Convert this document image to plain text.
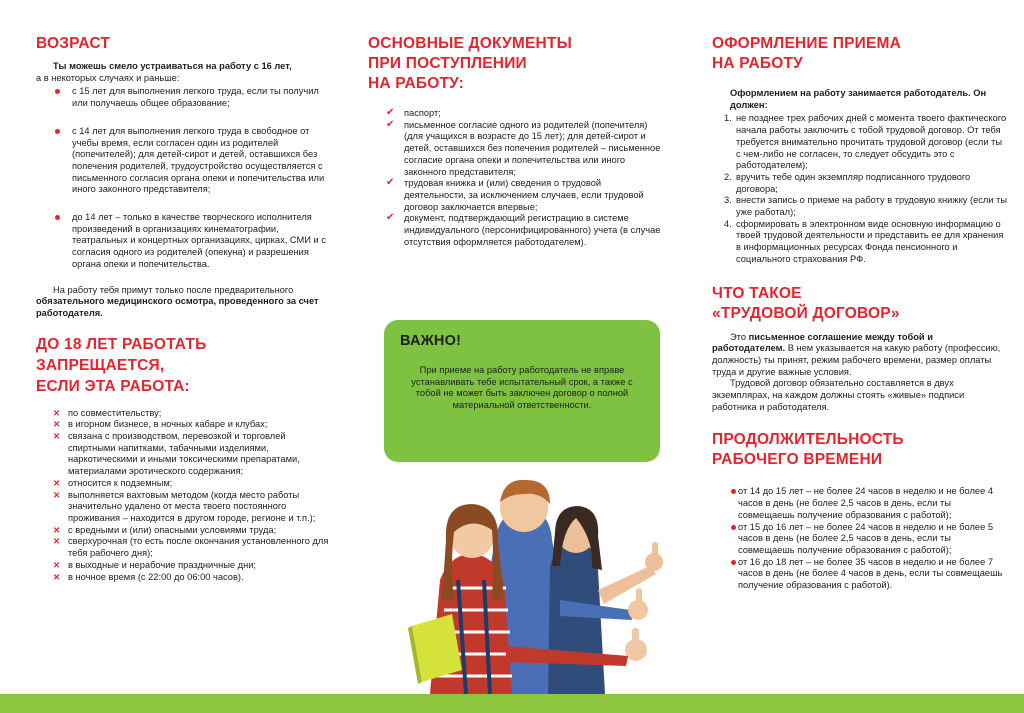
ВОЗРАСТ

Ты можешь смело устраиваться на работу с 16 лет,

а в некоторых случаях и раньше:

с 15 лет для выполнения легкого труда, если ты получил или получаешь общее образование;
с 14 лет для выполнения легкого труда в свободное от учебы время, если согласен один из родителей (попечителей); для детей-сирот и детей, оставшихся без попечения родителей, трудоустройство осуществляется с письменного согласия органа опеки и попечительства или иного законного представителя;
до 14 лет – только в качестве творческого исполнителя произведений в организациях кинематографии, театральных и концертных организациях, цирках, СМИ и с согласия одного из родителей (опекуна) и разрешения органа опеки и попечительства.

На работу тебя примут только после предварительного обязательного медицинского осмотра, проведенного за счет работодателя.

ДО 18 ЛЕТ РАБОТАТЬ
ЗАПРЕЩАЕТСЯ,
ЕСЛИ ЭТА РАБОТА:
✕ по совместительству;
✕ в игорном бизнесе, в ночных кабаре и клубах;
✕ связана с производством, перевозкой и торговлей спиртными напитками, табачными изделиями, наркотическими и иными токсическими препаратами, материалами эротического содержания;
✕ относится к подземным;
✕ выполняется вахтовым методом (когда место работы значительно удалено от места твоего постоянного проживания – находится в другом городе, регионе и т.п.);
✕ с вредными и (или) опасными условиями труда;
✕ сверхурочная (то есть после окончания установленного для тебя рабочего дня);
✕ в выходные и нерабочие праздничные дни;
✕ в ночное время (с 22:00 до 06:00 часов).
ОСНОВНЫЕ ДОКУМЕНТЫ
ПРИ ПОСТУПЛЕНИИ
НА РАБОТУ:
✔ паспорт;
✔ письменное согласие одного из родителей (попечителя) (для учащихся в возрасте до 15 лет); для детей-сирот и детей, оставшихся без попечения родителей – письменное согласие органа опеки и попечительства или иного законного представителя;
✔ трудовая книжка и (или) сведения о трудовой деятельности, за исключением случаев, если трудовой договор заключается впервые;
✔ документ, подтверждающий регистрацию в системе индивидуального (персонифицированного) учета (в случае отсутствия оформляется работодателем).
ВАЖНО!

При приеме на работу работодатель не вправе устанавливать тебе испытательный срок, а также с тобой не может быть заключен договор о полной материальной ответственности.

ОФОРМЛЕНИЕ ПРИЕМА
НА РАБОТУ

Оформлением на работу занимается работодатель. Он должен:

1. не позднее трех рабочих дней с момента твоего фактического начала работы заключить с тобой трудовой договор. От тебя требуется внимательно прочитать трудовой договор (если ты с чем-либо не согласен, то следует обсудить это с работодателем);
2. вручить тебе один экземпляр подписанного трудового договора;
3. внести запись о приеме на работу в трудовую книжку (если ты уже работал);
4. сформировать в электронном виде основную информацию о твоей трудовой деятельности и представить ее для хранения в информационных ресурсах Фонда пенсионного и социального страхования РФ.
ЧТО ТАКОЕ
«ТРУДОВОЙ ДОГОВОР»

Это письменное соглашение между тобой и работодателем. В нем указывается на какую работу (профессию, должность) ты принят, режим рабочего времени, размер оплаты труда и другие важные условия.

Трудовой договор обязательно составляется в двух экземплярах, на каждом должны стоять «живые» подписи работника и работодателя.

ПРОДОЛЖИТЕЛЬНОСТЬ
РАБОЧЕГО ВРЕМЕНИ
от 14 до 15 лет – не более 24 часов в неделю и не более 4 часов в день (не более 2,5 часов в день, если ты совмещаешь получение образования с работой);
от 15 до 16 лет – не более 24 часов в неделю и не более 5 часов в день (не более 2,5 часов в день, если ты совмещаешь получение образования с работой);
от 16 до 18 лет – не более 35 часов в неделю и не более 7 часов в день (не более 4 часов в день, если ты совмещаешь получение образования с работой).
